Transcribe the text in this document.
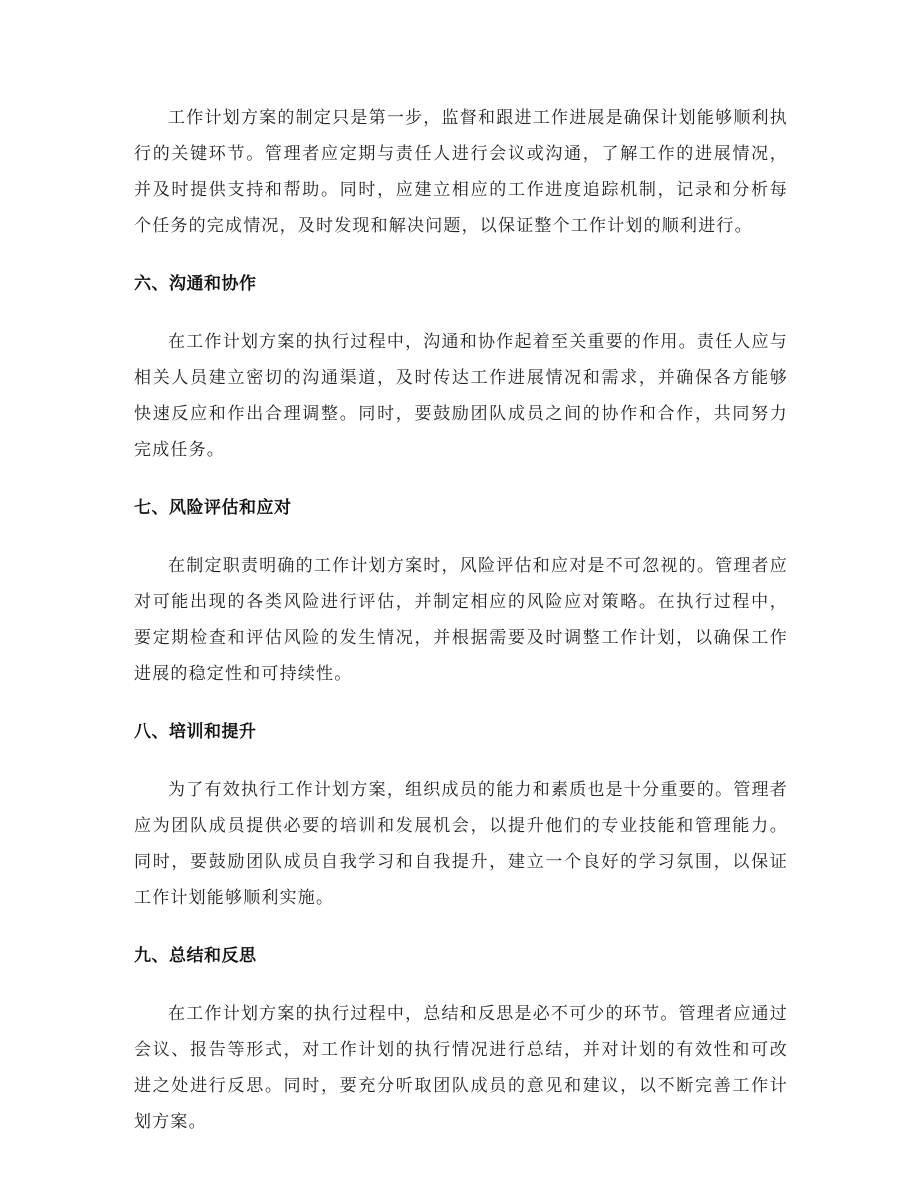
工作计划方案的制定只是第一步，监督和跟进工作进展是确保计划能够顺利执行的关键环节。管理者应定期与责任人进行会议或沟通，了解工作的进展情况，并及时提供支持和帮助。同时，应建立相应的工作进度追踪机制，记录和分析每个任务的完成情况，及时发现和解决问题，以保证整个工作计划的顺利进行。

六、沟通和协作

在工作计划方案的执行过程中，沟通和协作起着至关重要的作用。责任人应与相关人员建立密切的沟通渠道，及时传达工作进展情况和需求，并确保各方能够快速反应和作出合理调整。同时，要鼓励团队成员之间的协作和合作，共同努力完成任务。

七、风险评估和应对

在制定职责明确的工作计划方案时，风险评估和应对是不可忽视的。管理者应对可能出现的各类风险进行评估，并制定相应的风险应对策略。在执行过程中，要定期检查和评估风险的发生情况，并根据需要及时调整工作计划，以确保工作进展的稳定性和可持续性。

八、培训和提升

为了有效执行工作计划方案，组织成员的能力和素质也是十分重要的。管理者应为团队成员提供必要的培训和发展机会，以提升他们的专业技能和管理能力。同时，要鼓励团队成员自我学习和自我提升，建立一个良好的学习氛围，以保证工作计划能够顺利实施。

九、总结和反思

在工作计划方案的执行过程中，总结和反思是必不可少的环节。管理者应通过会议、报告等形式，对工作计划的执行情况进行总结，并对计划的有效性和可改进之处进行反思。同时，要充分听取团队成员的意见和建议，以不断完善工作计划方案。
